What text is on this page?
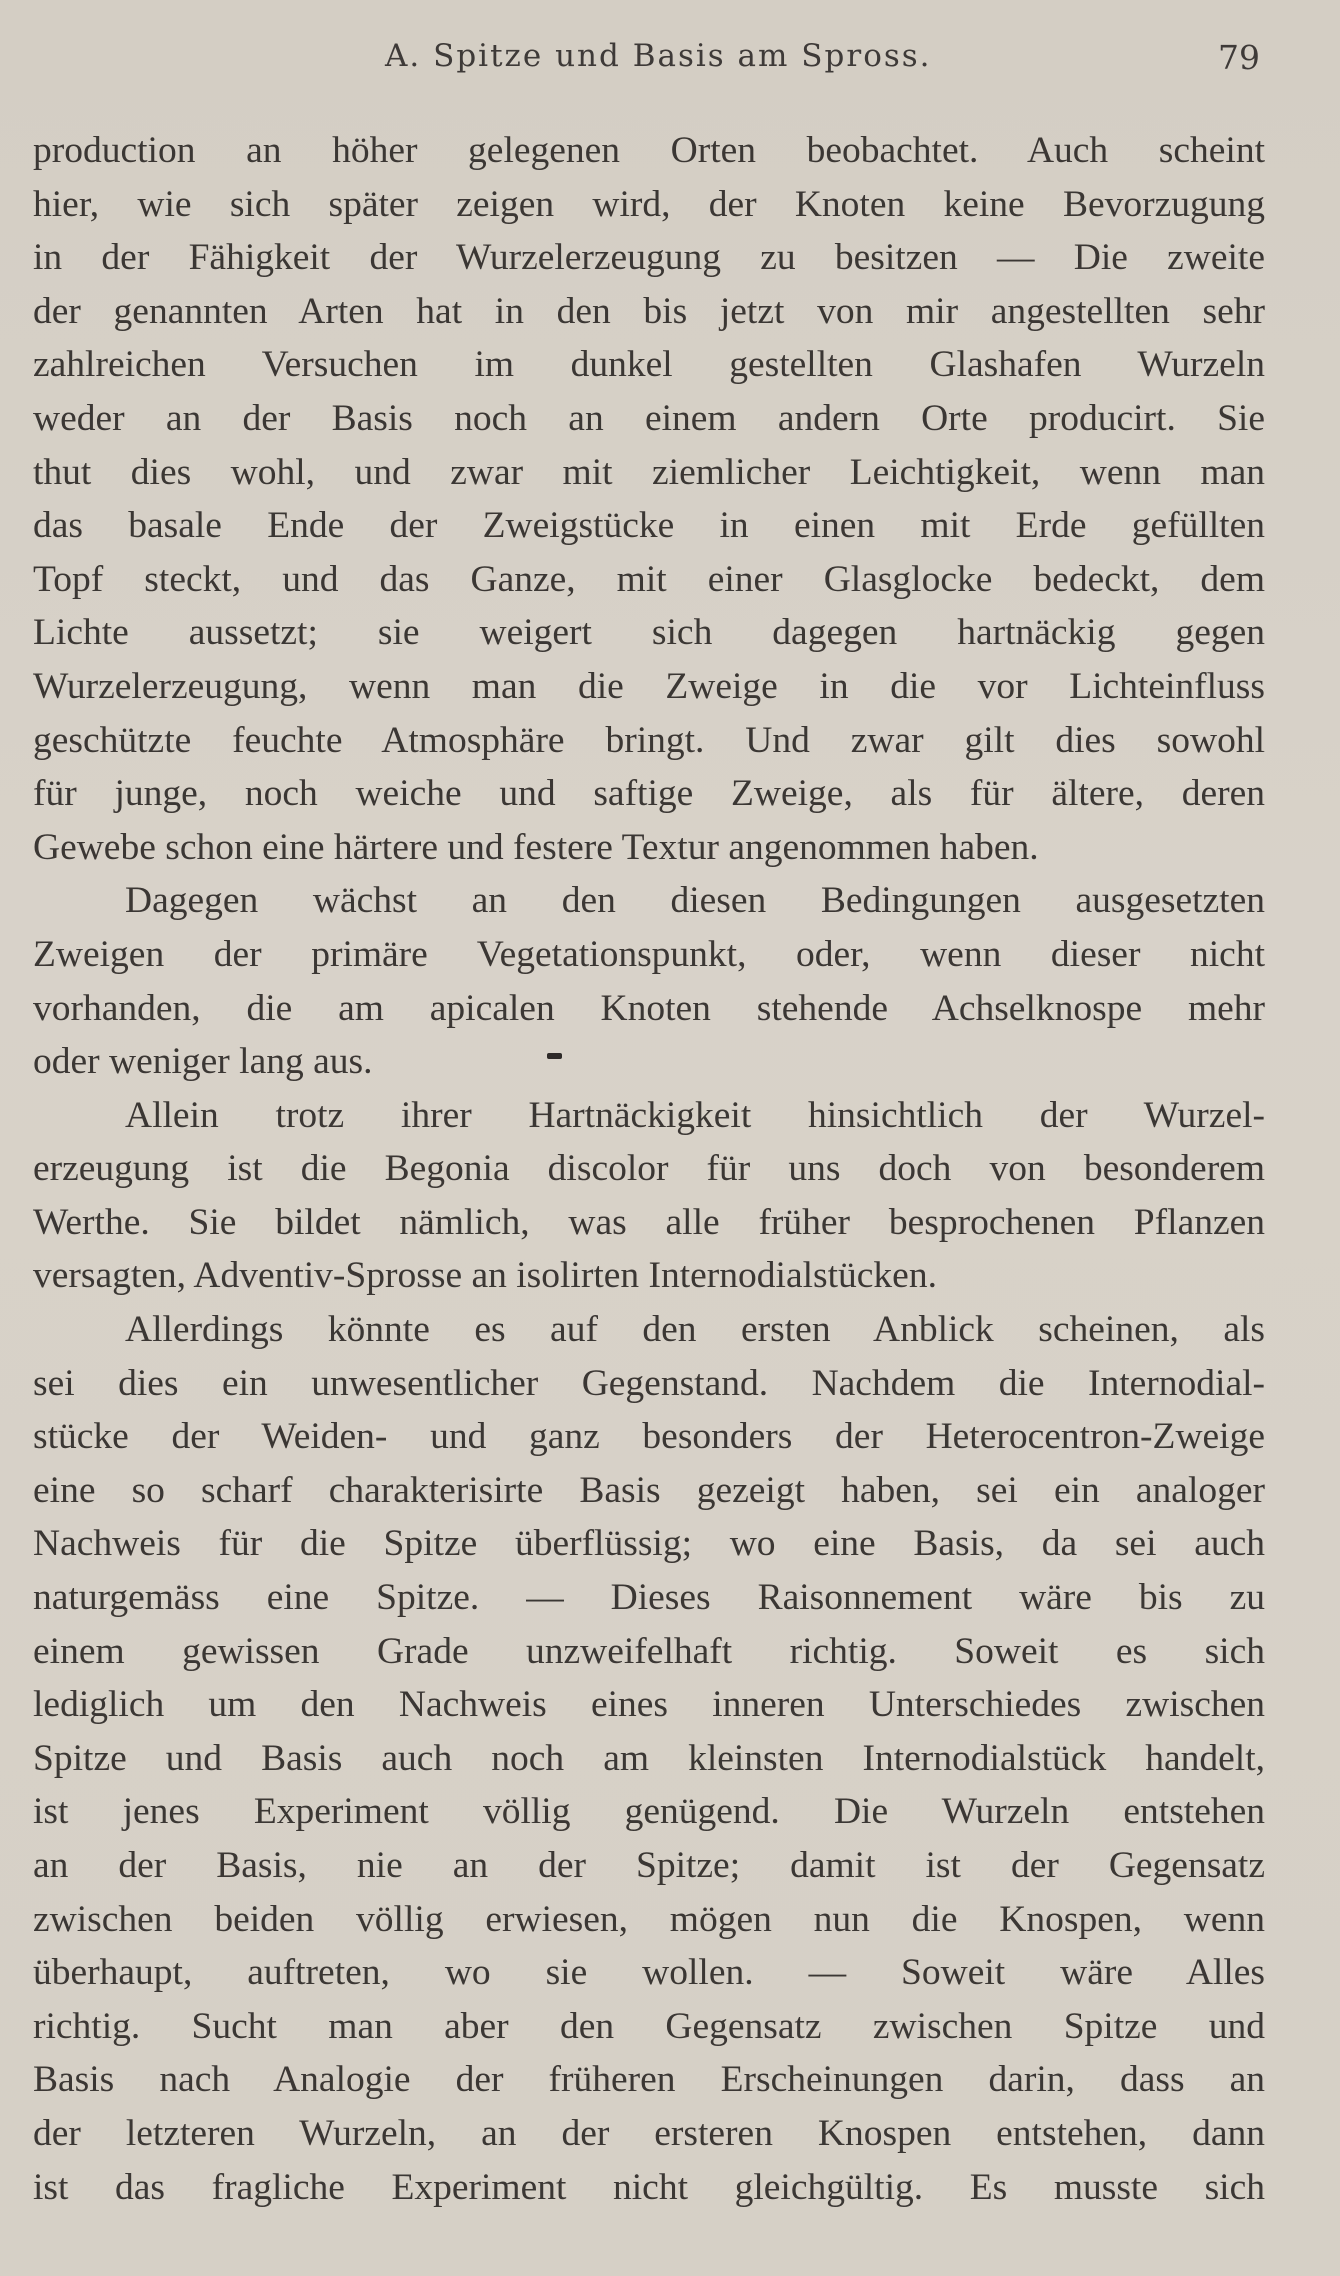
A. Spitze und Basis am Spross.	79
production an höher gelegenen Orten beobachtet. Auch scheint
hier, wie sich später zeigen wird, der Knoten keine Bevorzugung
in der Fähigkeit der Wurzelerzeugung zu besitzen — Die zweite
der genannten Arten hat in den bis jetzt von mir angestellten sehr
zahlreichen Versuchen im dunkel gestellten Glashafen Wurzeln
weder an der Basis noch an einem andern Orte producirt. Sie
thut dies wohl, und zwar mit ziemlicher Leichtigkeit, wenn man
das basale Ende der Zweigstücke in einen mit Erde gefüllten
Topf steckt, und das Ganze, mit einer Glasglocke bedeckt, dem
Lichte aussetzt; sie weigert sich dagegen hartnäckig gegen
Wurzelerzeugung, wenn man die Zweige in die vor Lichteinfluss
geschützte feuchte Atmosphäre bringt. Und zwar gilt dies sowohl
für junge, noch weiche und saftige Zweige, als für ältere, deren
Gewebe schon eine härtere und festere Textur angenommen haben.
Dagegen wächst an den diesen Bedingungen ausgesetzten
Zweigen der primäre Vegetationspunkt, oder, wenn dieser nicht
vorhanden, die am apicalen Knoten stehende Achselknospe mehr
oder weniger lang aus.
Allein trotz ihrer Hartnäckigkeit hinsichtlich der Wurzel-
erzeugung ist die Begonia discolor für uns doch von besonderem
Werthe. Sie bildet nämlich, was alle früher besprochenen Pflanzen
versagten, Adventiv-Sprosse an isolirten Internodialstücken.
Allerdings könnte es auf den ersten Anblick scheinen, als
sei dies ein unwesentlicher Gegenstand. Nachdem die Internodial-
stücke der Weiden- und ganz besonders der Heterocentron-Zweige
eine so scharf charakterisirte Basis gezeigt haben, sei ein analoger
Nachweis für die Spitze überflüssig; wo eine Basis, da sei auch
naturgemäss eine Spitze. — Dieses Raisonnement wäre bis zu
einem gewissen Grade unzweifelhaft richtig. Soweit es sich
lediglich um den Nachweis eines inneren Unterschiedes zwischen
Spitze und Basis auch noch am kleinsten Internodialstück handelt,
ist jenes Experiment völlig genügend. Die Wurzeln entstehen
an der Basis, nie an der Spitze; damit ist der Gegensatz
zwischen beiden völlig erwiesen, mögen nun die Knospen, wenn
überhaupt, auftreten, wo sie wollen. — Soweit wäre Alles
richtig. Sucht man aber den Gegensatz zwischen Spitze und
Basis nach Analogie der früheren Erscheinungen darin, dass an
der letzteren Wurzeln, an der ersteren Knospen entstehen, dann
ist das fragliche Experiment nicht gleichgültig. Es musste sich
